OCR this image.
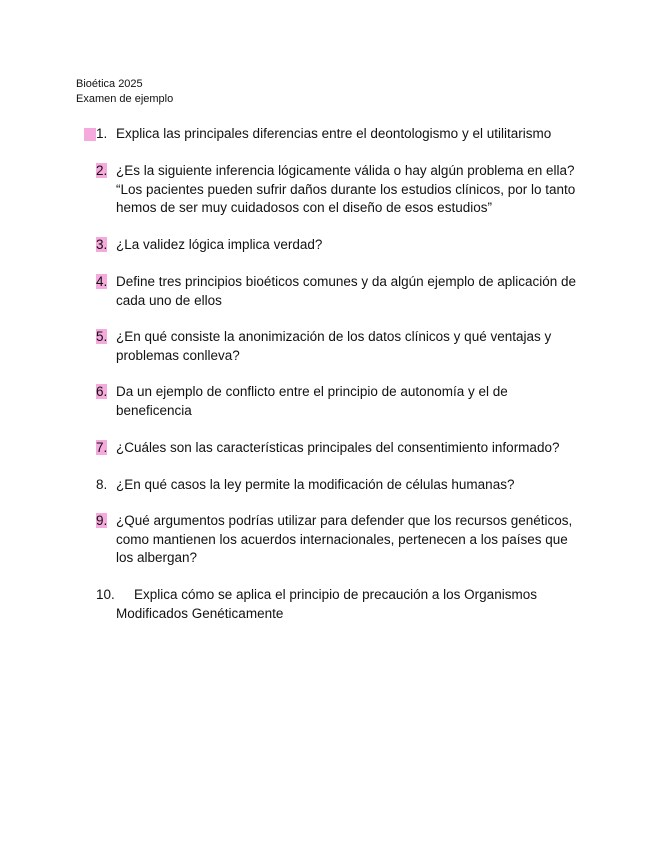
Bioética 2025
Examen de ejemplo
1. Explica las principales diferencias entre el deontologismo y el utilitarismo
2. ¿Es la siguiente inferencia lógicamente válida o hay algún problema en ella? “Los pacientes pueden sufrir daños durante los estudios clínicos, por lo tanto hemos de ser muy cuidadosos con el diseño de esos estudios”
3. ¿La validez lógica implica verdad?
4. Define tres principios bioéticos comunes y da algún ejemplo de aplicación de cada uno de ellos
5. ¿En qué consiste la anonimización de los datos clínicos y qué ventajas y problemas conlleva?
6. Da un ejemplo de conflicto entre el principio de autonomía y el de beneficencia
7. ¿Cuáles son las características principales del consentimiento informado?
8. ¿En qué casos la ley permite la modificación de células humanas?
9. ¿Qué argumentos podrías utilizar para defender que los recursos genéticos, como mantienen los acuerdos internacionales, pertenecen a los países que los albergan?
10.	Explica cómo se aplica el principio de precaución a los Organismos Modificados Genéticamente
